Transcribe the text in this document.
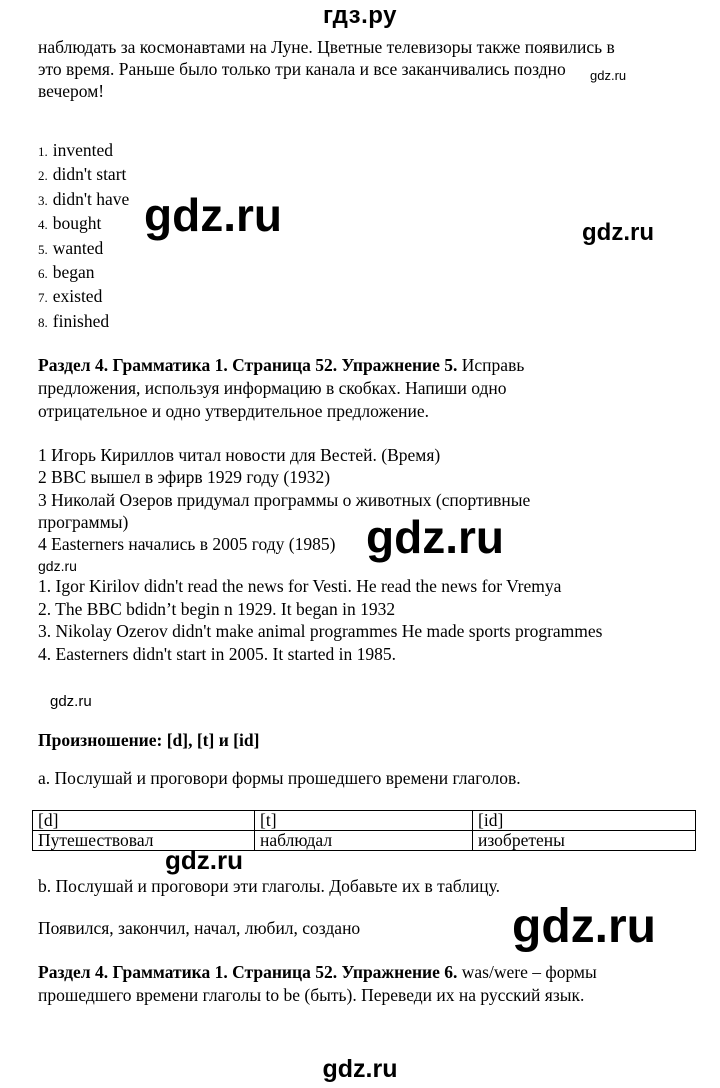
гдз.ру
наблюдать за космонавтами на Луне. Цветные телевизоры также появились в
это время. Раньше было только три канала и все заканчивались поздно
вечером!
gdz.ru
1. invented
2. didn't start
3. didn't have
4. bought
5. wanted
6. began
7. existed
8. finished
gdz.ru	gdz.ru
Раздел 4. Грамматика 1. Страница 52. Упражнение 5. Исправь
предложения, используя информацию в скобках. Напиши одно
отрицательное и одно утвердительное предложение.
1 Игорь Кириллов читал новости для Вестей. (Время)
2 BBC вышел в эфирв 1929 году (1932)
3 Николай Озеров придумал программы о животных (спортивные
программы)
4 Easterners начались в 2005 году (1985) gdz.ru
gdz.ru
1. Igor Kirilov didn't read the news for Vesti. He read the news for Vremya
2. The BBC bdidn’t begin n 1929. It began in 1932
3. Nikolay Ozerov didn't make animal programmes He made sports programmes
4. Easterners didn't start in 2005. It started in 1985.
gdz.ru
Произношение: [d], [t] и [id]
a. Послушай и проговори формы прошедшего времени глаголов.
[d]	[t]	[id]
Путешествовал	наблюдал	изобретены
gdz.ru
b. Послушай и проговори эти глаголы. Добавьте их в таблицу.
Появился, закончил, начал, любил, создано	gdz.ru
Раздел 4. Грамматика 1. Страница 52. Упражнение 6. was/were – формы
прошедшего времени глаголы to be (быть). Переведи их на русский язык.
gdz.ru
